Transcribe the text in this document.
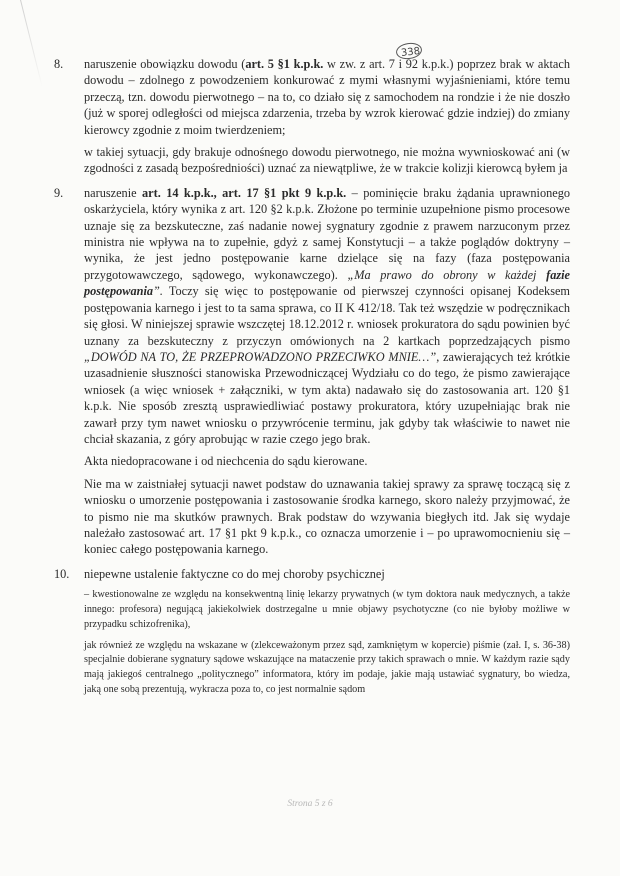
338
8. naruszenie obowiązku dowodu (art. 5 §1 k.p.k. w zw. z art. 7 i 92 k.p.k.) poprzez brak w aktach dowodu – zdolnego z powodzeniem konkurować z mymi własnymi wyjaśnieniami, które temu przeczą, tzn. dowodu pierwotnego – na to, co działo się z samochodem na rondzie i że nie doszło (już w sporej odległości od miejsca zdarzenia, trzeba by wzrok kierować gdzie indziej) do zmiany kierowcy zgodnie z moim twierdzeniem;

w takiej sytuacji, gdy brakuje odnośnego dowodu pierwotnego, nie można wywnioskować ani (w zgodności z zasadą bezpośredniości) uznać za niewątpliwe, że w trakcie kolizji kierowcą byłem ja

9. naruszenie art. 14 k.p.k., art. 17 §1 pkt 9 k.p.k. – pominięcie braku żądania uprawnionego oskarżyciela, który wynika z art. 120 §2 k.p.k. Złożone po terminie uzupełnione pismo procesowe uznaje się za bezskuteczne, zaś nadanie nowej sygnatury zgodnie z prawem narzuconym przez ministra nie wpływa na to zupełnie, gdyż z samej Konstytucji – a także poglądów doktryny – wynika, że jest jedno postępowanie karne dzielące się na fazy (faza postępowania przygotowawczego, sądowego, wykonawczego). „Ma prawo do obrony w każdej fazie postępowania”. Toczy się więc to postępowanie od pierwszej czynności opisanej Kodeksem postępowania karnego i jest to ta sama sprawa, co II K 412/18. Tak też wszędzie w podręcznikach się głosi. W niniejszej sprawie wszczętej 18.12.2012 r. wniosek prokuratora do sądu powinien być uznany za bezskuteczny z przyczyn omówionych na 2 kartkach poprzedzających pismo „DOWÓD NA TO, ŻE PRZEPROWADZONO PRZECIWKO MNIE…”, zawierających też krótkie uzasadnienie słuszności stanowiska Przewodniczącej Wydziału co do tego, że pismo zawierające wniosek (a więc wniosek + załączniki, w tym akta) nadawało się do zastosowania art. 120 §1 k.p.k. Nie sposób zresztą usprawiedliwiać postawy prokuratora, który uzupełniając brak nie zawarł przy tym nawet wniosku o przywrócenie terminu, jak gdyby tak właściwie to nawet nie chciał skazania, z góry aprobując w razie czego jego brak.

Akta niedopracowane i od niechcenia do sądu kierowane.

Nie ma w zaistniałej sytuacji nawet podstaw do uznawania takiej sprawy za sprawę toczącą się z wniosku o umorzenie postępowania i zastosowanie środka karnego, skoro należy przyjmować, że to pismo nie ma skutków prawnych. Brak podstaw do wzywania biegłych itd. Jak się wydaje należało zastosować art. 17 §1 pkt 9 k.p.k., co oznacza umorzenie i – po uprawomocnieniu się – koniec całego postępowania karnego.

10. niepewne ustalenie faktyczne co do mej choroby psychicznej

– kwestionowalne ze względu na konsekwentną linię lekarzy prywatnych (w tym doktora nauk medycznych, a także innego: profesora) negującą jakiekolwiek dostrzegalne u mnie objawy psychotyczne (co nie byłoby możliwe w przypadku schizofrenika),

jak również ze względu na wskazane w (zlekceważonym przez sąd, zamkniętym w kopercie) piśmie (zał. I, s. 36-38) specjalnie dobierane sygnatury sądowe wskazujące na mataczenie przy takich sprawach o mnie. W każdym razie sądy mają jakiegoś centralnego „politycznego” informatora, który im podaje, jakie mają ustawiać sygnatury, bo wiedza, jaką one sobą prezentują, wykracza poza to, co jest normalnie sądom

Strona 5 z 6
